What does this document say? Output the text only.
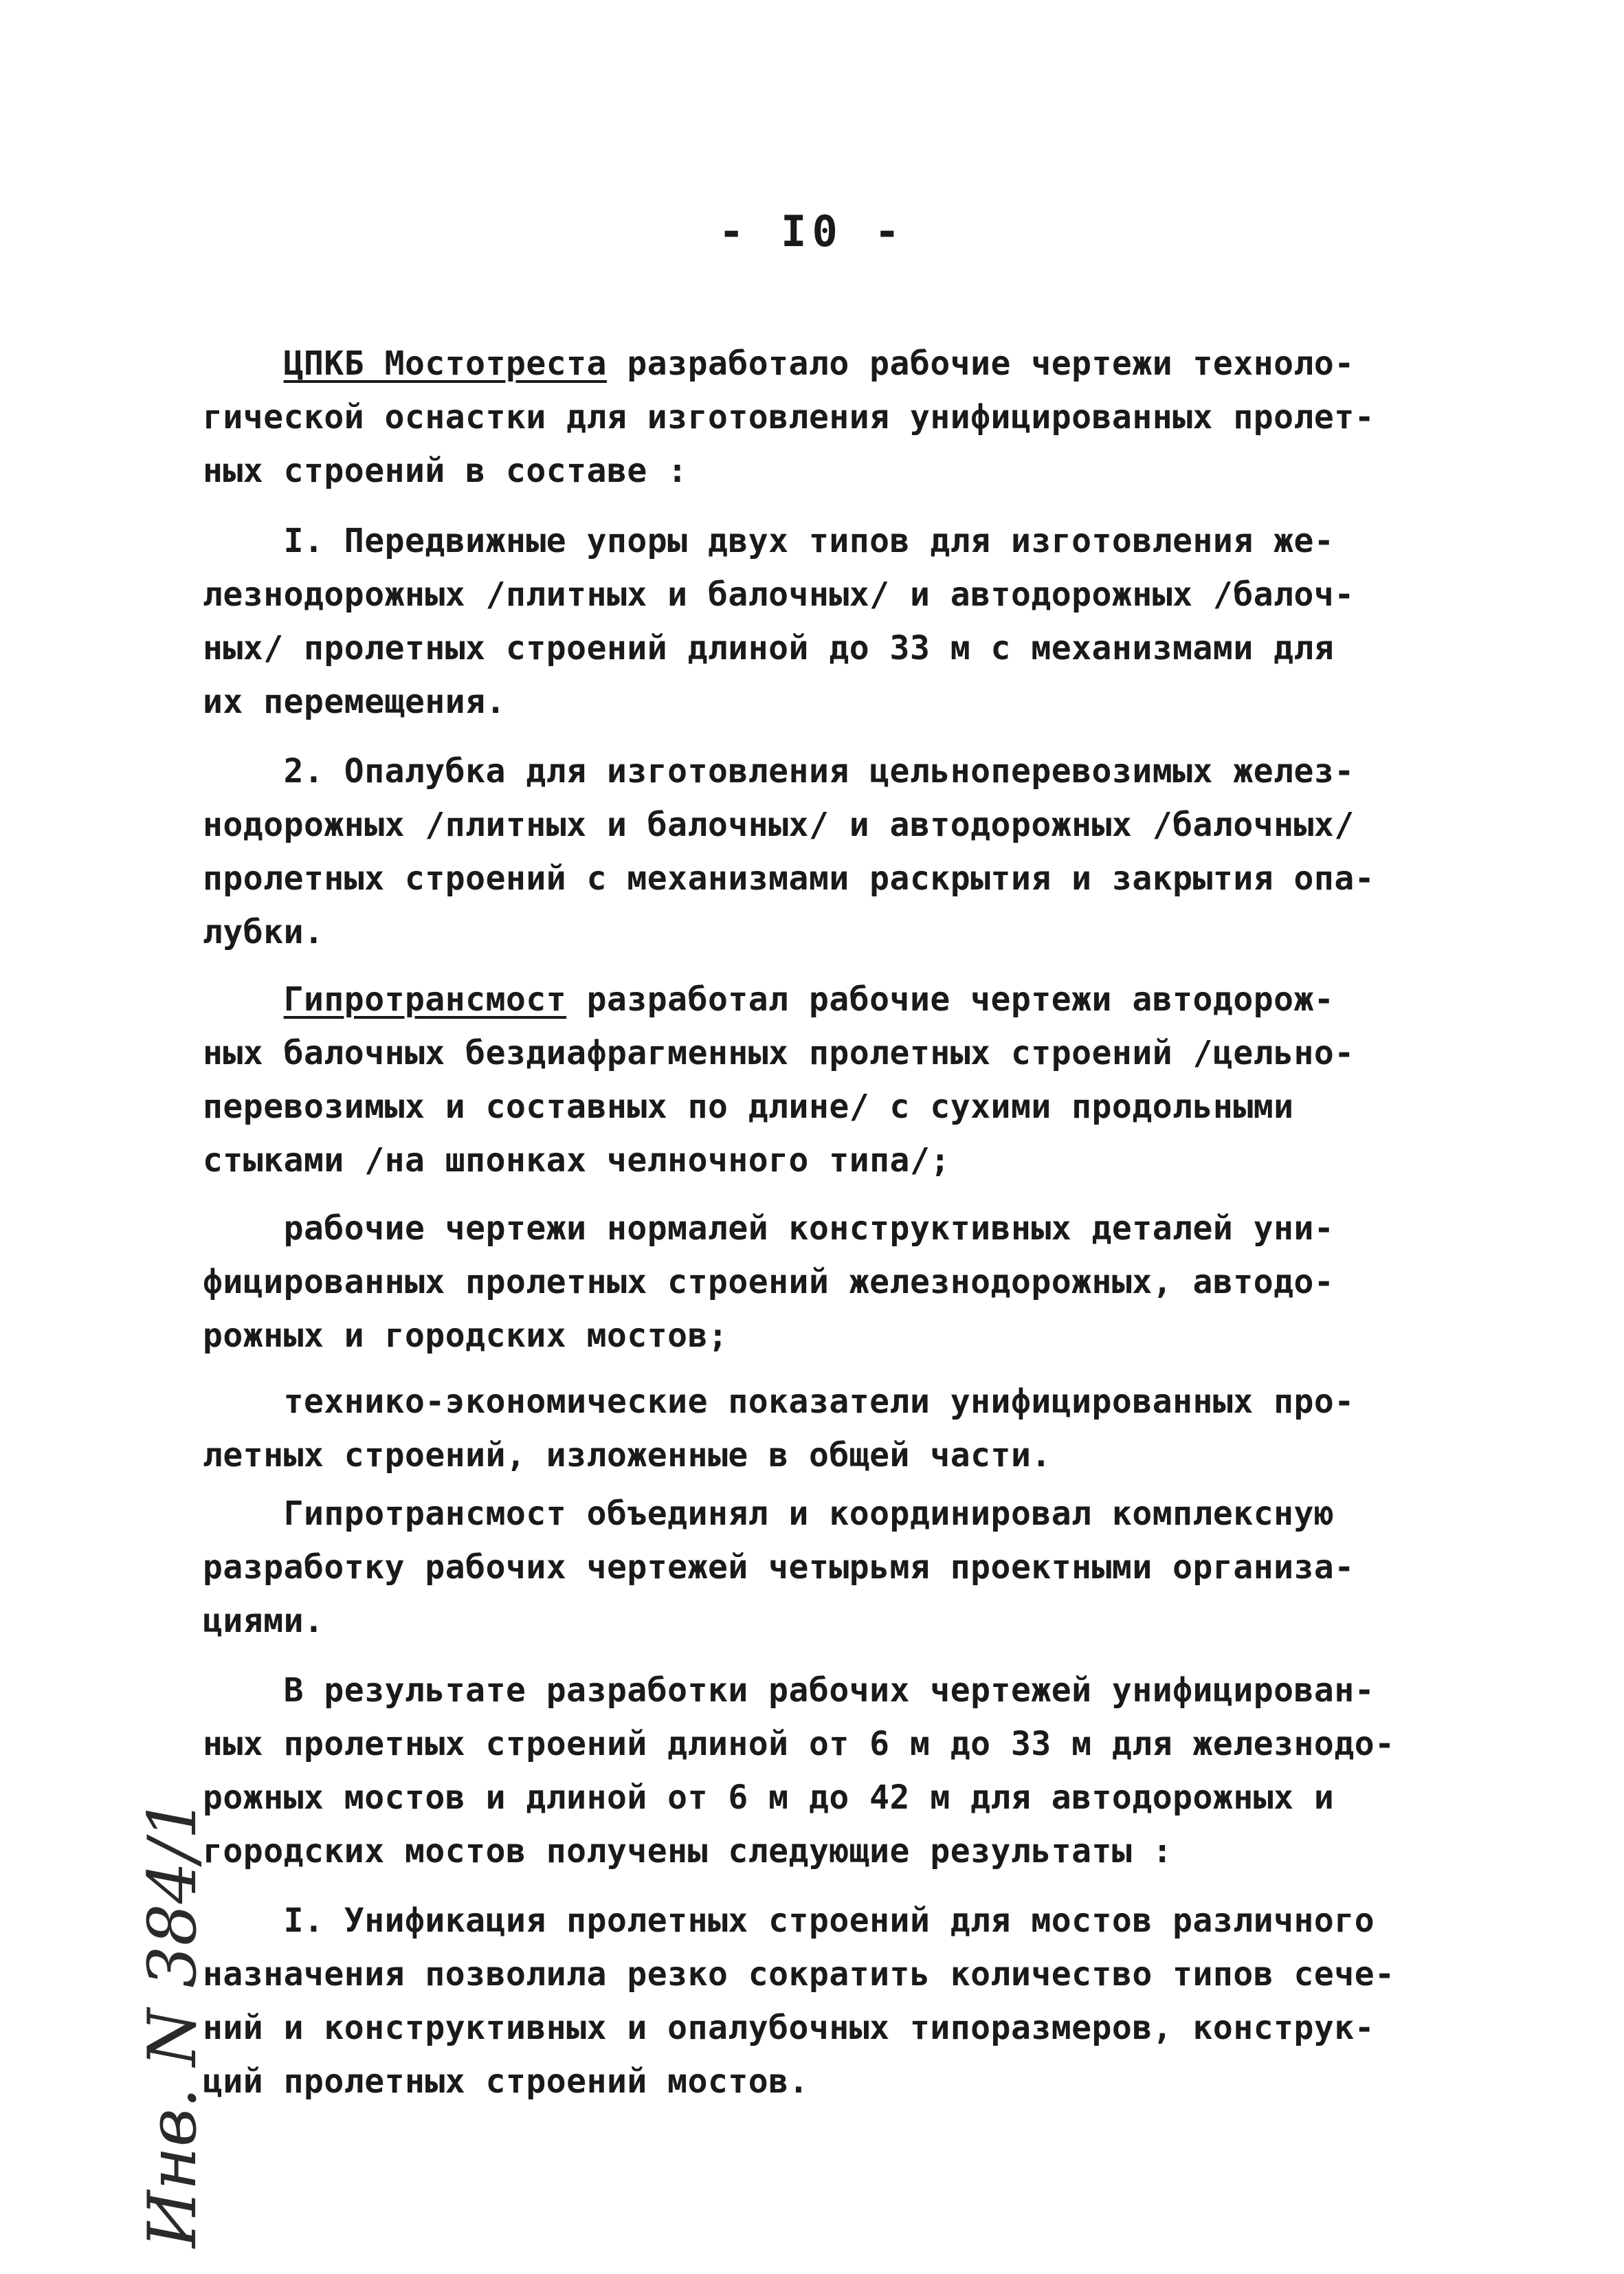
- I0 -
ЦПКБ Мостотреста разработало рабочие чертежи техноло-
гической оснастки для изготовления унифицированных пролет-
ных строений в составе :
I. Передвижные упоры двух типов для изготовления же-
лезнодорожных /плитных и балочных/ и автодорожных /балоч-
ных/ пролетных строений длиной до 33 м с механизмами для
их перемещения.
2. Опалубка для изготовления цельноперевозимых желез-
нодорожных /плитных и балочных/ и автодорожных /балочных/
пролетных строений с механизмами раскрытия и закрытия опа-
лубки.
Гипротрансмост разработал рабочие чертежи автодорож-
ных балочных бездиафрагменных пролетных строений /цельно-
перевозимых и составных по длине/ с сухими продольными
стыками /на шпонках челночного типа/;
рабочие чертежи нормалей конструктивных деталей уни-
фицированных пролетных строений железнодорожных, автодо-
рожных и городских мостов;
технико-экономические показатели унифицированных про-
летных строений, изложенные в общей части.
Гипротрансмост объединял и координировал комплексную
разработку рабочих чертежей четырьмя проектными организа-
циями.
В результате разработки рабочих чертежей унифицирован-
ных пролетных строений длиной от 6 м до 33 м для железнодо-
рожных мостов и длиной от 6 м до 42 м для автодорожных и
городских мостов получены следующие результаты :
I. Унификация пролетных строений для мостов различного
назначения позволила резко сократить количество типов сече-
ний и конструктивных и опалубочных типоразмеров, конструк-
ций пролетных строений мостов.
Инв. N 384/1
